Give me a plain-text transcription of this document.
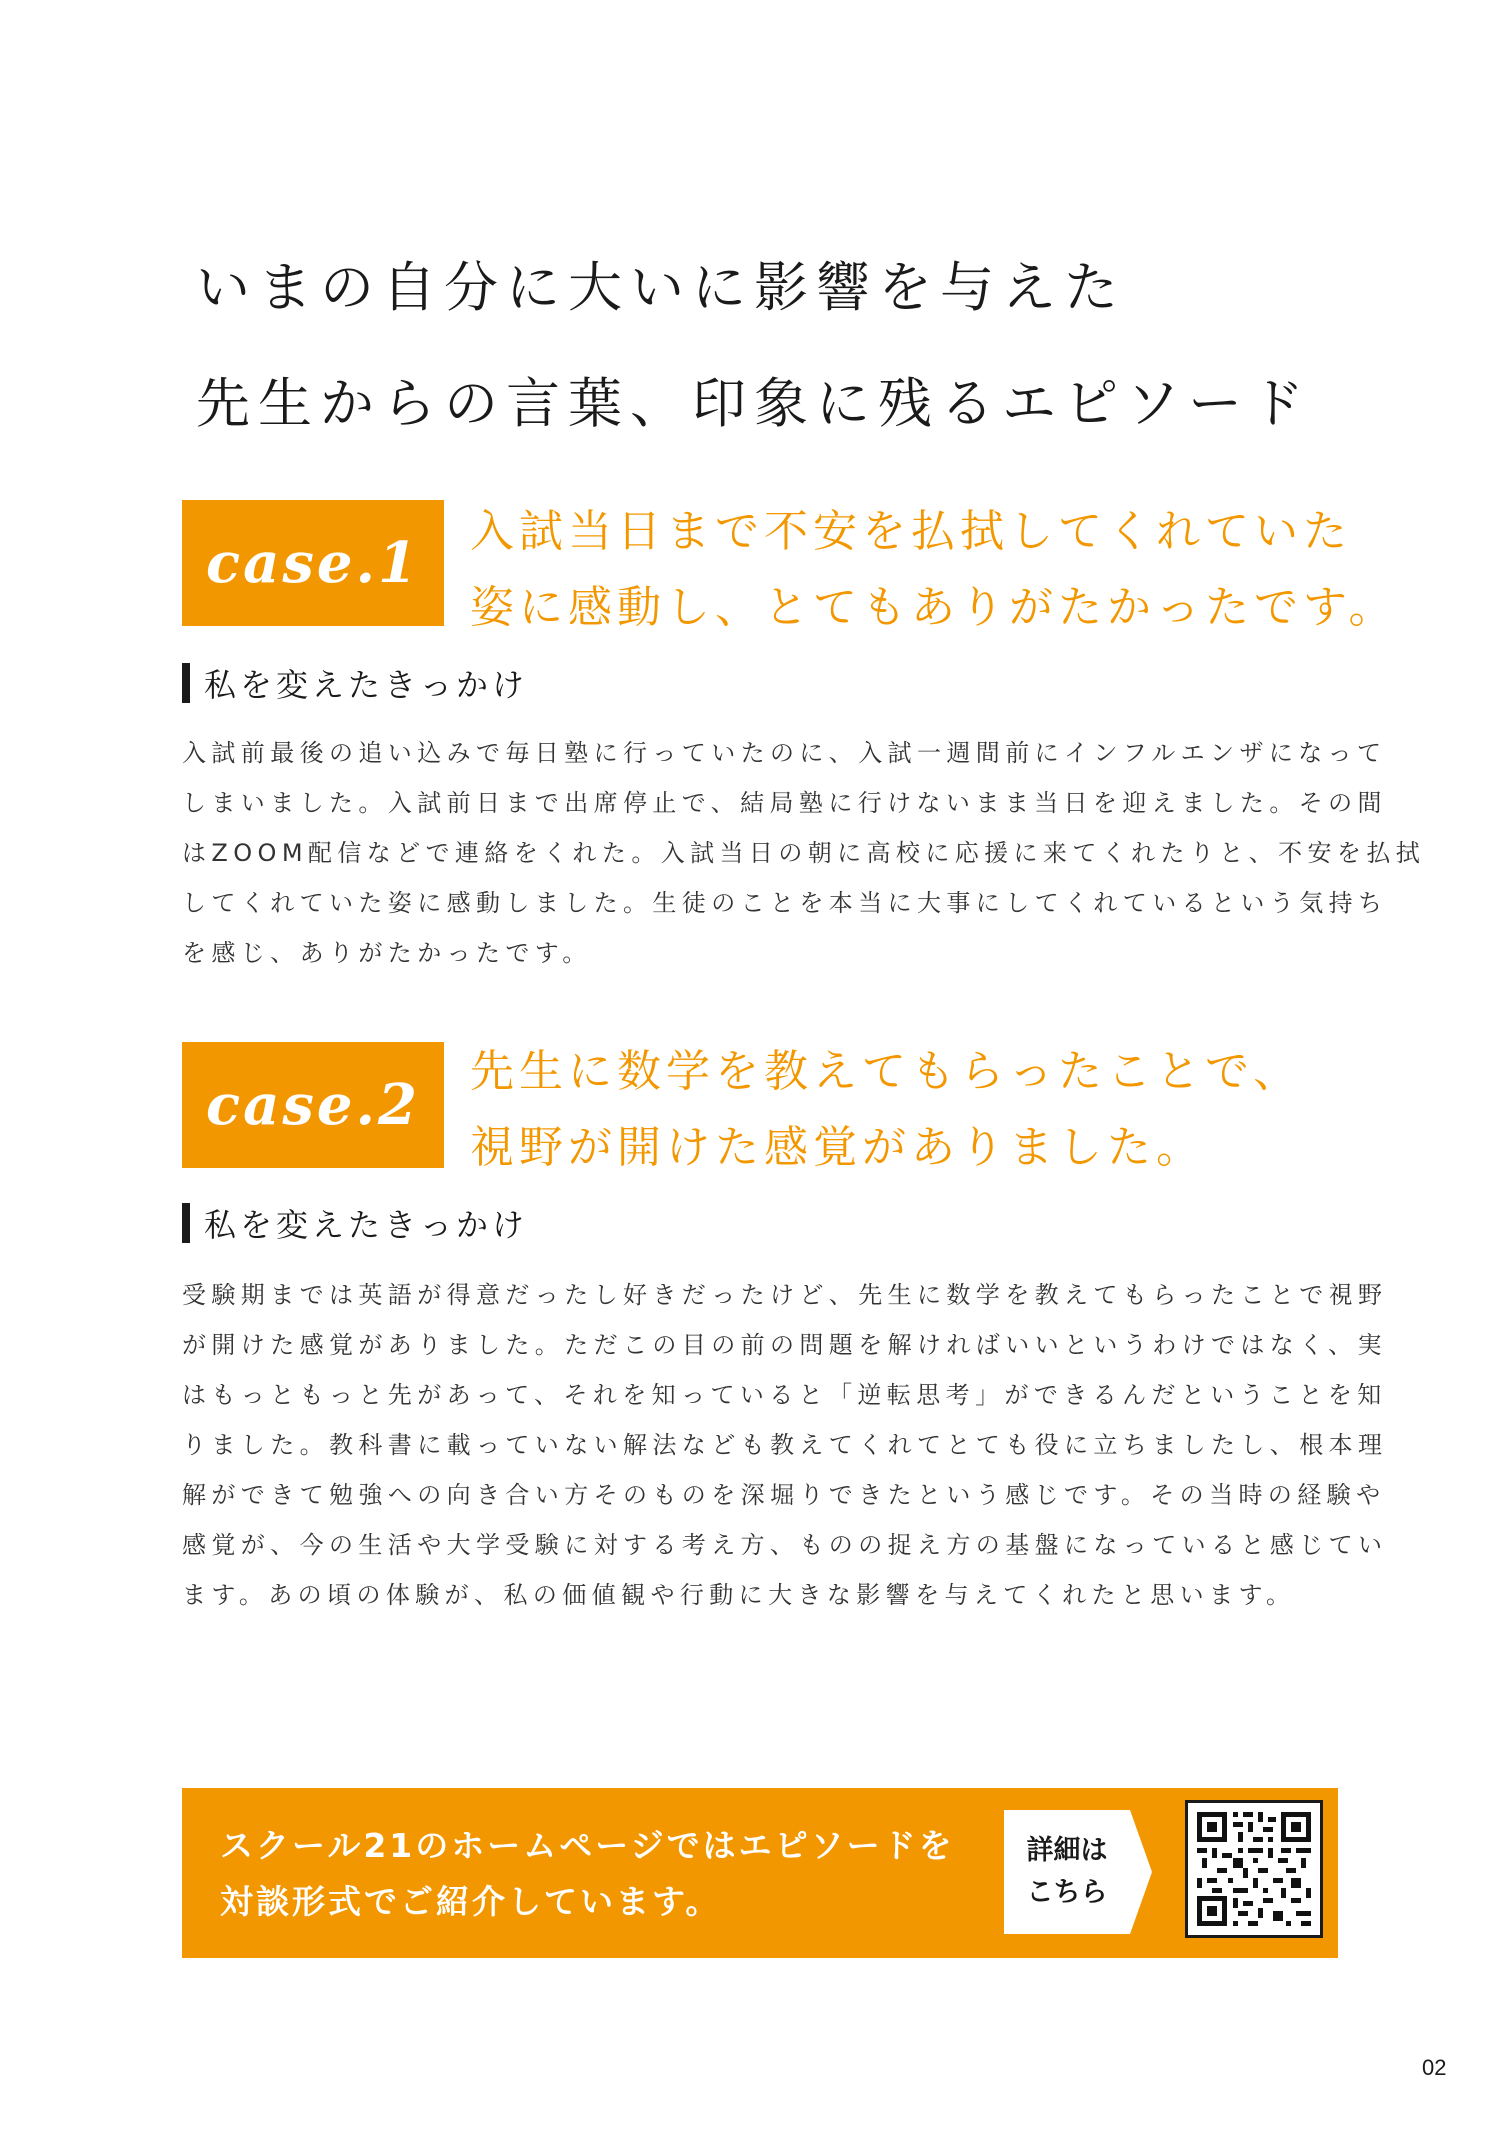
いまの自分に大いに影響を与えた
先生からの言葉、印象に残るエピソード
case.1	入試当日まで不安を払拭してくれていた
姿に感動し、とてもありがたかったです。
私を変えたきっかけ

入試前最後の追い込みで毎日塾に行っていたのに、入試一週間前にインフルエンザになって
しまいました。入試前日まで出席停止で、結局塾に行けないまま当日を迎えました。その間
はZOOM配信などで連絡をくれた。入試当日の朝に高校に応援に来てくれたりと、不安を払拭
してくれていた姿に感動しました。生徒のことを本当に大事にしてくれているという気持ち
を感じ、ありがたかったです。

case.2
先生に数学を教えてもらったことで、
視野が開けた感覚がありました。
私を変えたきっかけ

受験期までは英語が得意だったし好きだったけど、先生に数学を教えてもらったことで視野
が開けた感覚がありました。ただこの目の前の問題を解ければいいというわけではなく、実
はもっともっと先があって、それを知っていると「逆転思考」ができるんだということを知
りました。教科書に載っていない解法なども教えてくれてとても役に立ちましたし、根本理
解ができて勉強への向き合い方そのものを深堀りできたという感じです。その当時の経験や
感覚が、今の生活や大学受験に対する考え方、ものの捉え方の基盤になっていると感じてい
ます。あの頃の体験が、私の価値観や行動に大きな影響を与えてくれたと思います。

スクール21のホームページではエピソードを
対談形式でご紹介しています。
詳細は
こちら
02
